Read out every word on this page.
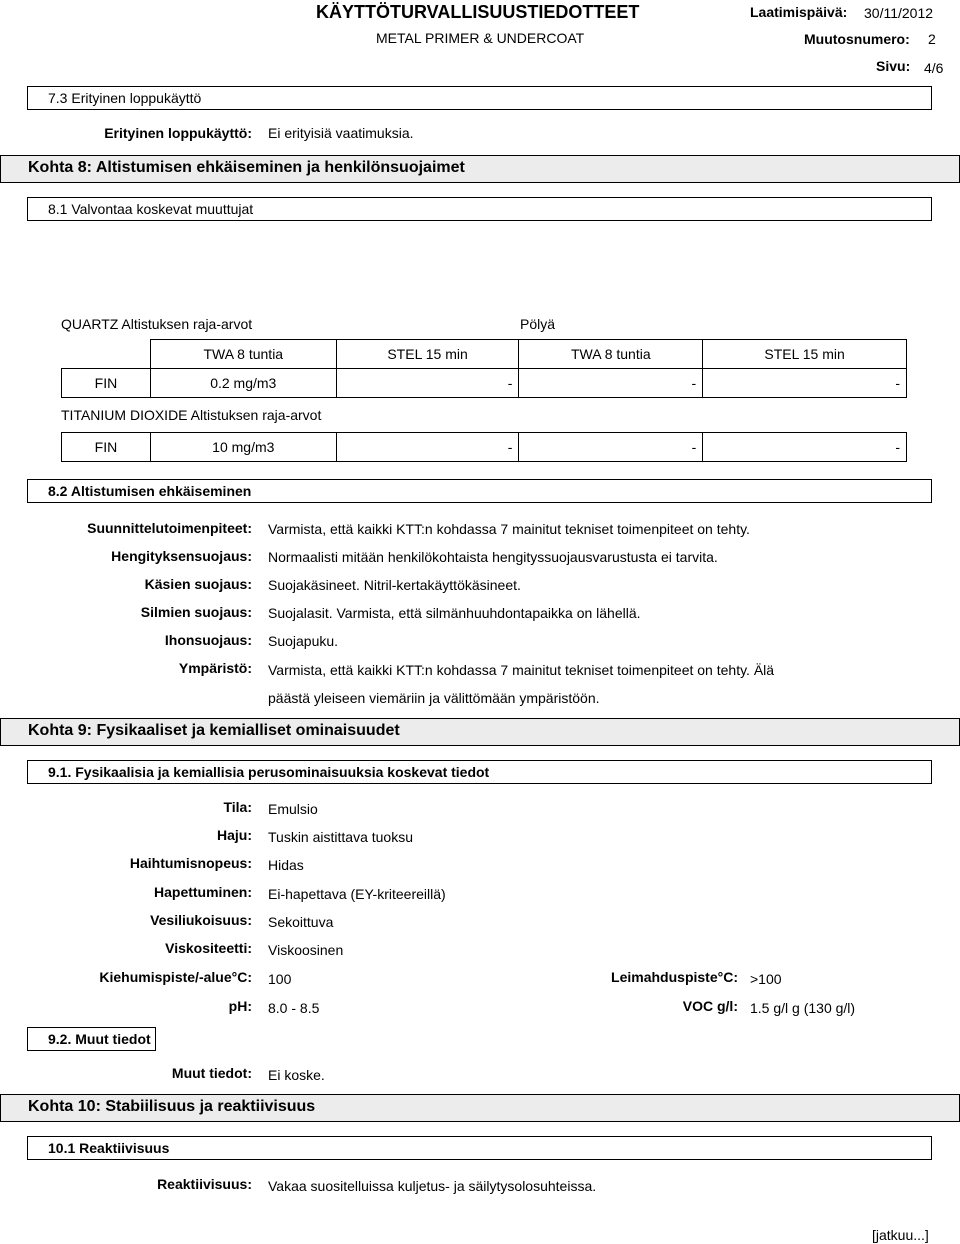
KÄYTTÖTURVALLISUUSTIEDOTTEET
METAL PRIMER & UNDERCOAT
Laatimispäivä: 30/11/2012
Muutosnumero: 2
Sivu: 4/6
7.3 Erityinen loppukäyttö
Erityinen loppukäyttö: Ei erityisiä vaatimuksia.
Kohta 8: Altistumisen ehkäiseminen ja henkilönsuojaimet
8.1 Valvontaa koskevat muuttujat
QUARTZ Altistuksen raja-arvot	Pölyä
	TWA 8 tuntia	STEL 15 min	TWA 8 tuntia	STEL 15 min
FIN	0.2 mg/m3	-	-	-
TITANIUM DIOXIDE Altistuksen raja-arvot
FIN	10 mg/m3	-	-	-
8.2 Altistumisen ehkäiseminen
Suunnittelutoimenpiteet: Varmista, että kaikki KTT:n kohdassa 7 mainitut tekniset toimenpiteet on tehty.
Hengityksensuojaus: Normaalisti mitään henkilökohtaista hengityssuojausvarustusta ei tarvita.
Käsien suojaus: Suojakäsineet. Nitril-kertakäyttökäsineet.
Silmien suojaus: Suojalasit. Varmista, että silmänhuuhdontapaikka on lähellä.
Ihonsuojaus: Suojapuku.
Ympäristö: Varmista, että kaikki KTT:n kohdassa 7 mainitut tekniset toimenpiteet on tehty. Älä
päästä yleiseen viemäriin ja välittömään ympäristöön.
Kohta 9: Fysikaaliset ja kemialliset ominaisuudet
9.1. Fysikaalisia ja kemiallisia perusominaisuuksia koskevat tiedot
Tila: Emulsio
Haju: Tuskin aistittava tuoksu
Haihtumisnopeus: Hidas
Hapettuminen: Ei-hapettava (EY-kriteereillä)
Vesiliukoisuus: Sekoittuva
Viskositeetti: Viskoosinen
Kiehumispiste/-alue°C: 100	Leimahduspiste°C: >100
pH: 8.0 - 8.5	VOC g/l: 1.5 g/l g (130 g/l)
9.2. Muut tiedot
Muut tiedot: Ei koske.
Kohta 10: Stabiilisuus ja reaktiivisuus
10.1 Reaktiivisuus
Reaktiivisuus: Vakaa suositelluissa kuljetus- ja säilytysolosuhteissa.
[jatkuu...]
